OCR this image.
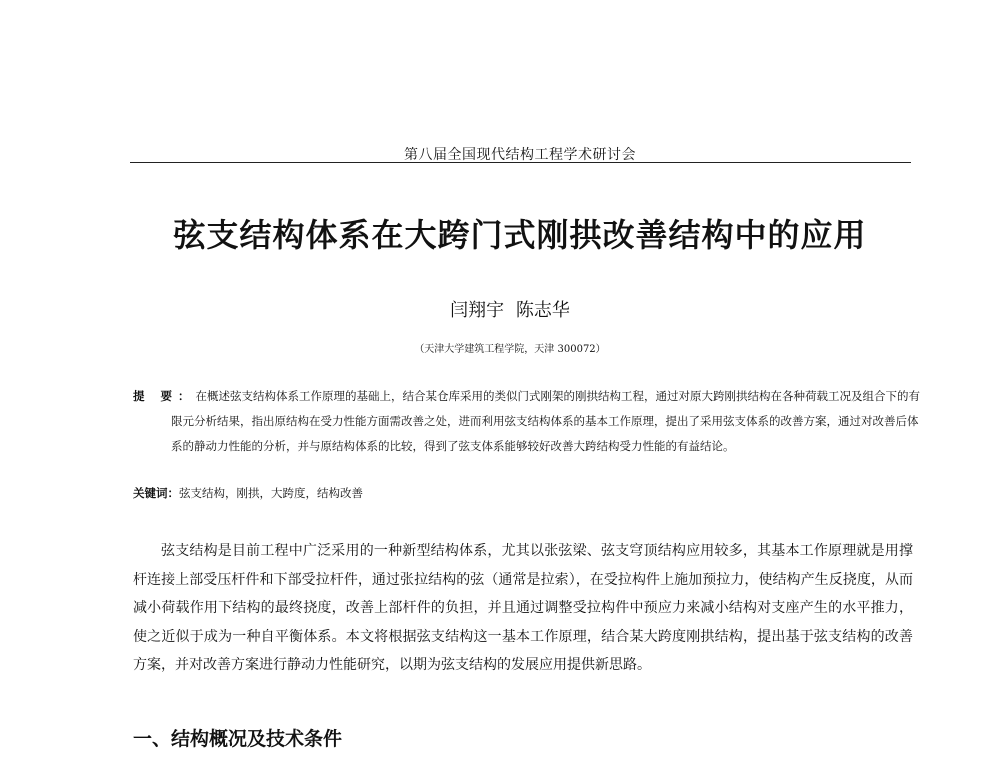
第八届全国现代结构工程学术研讨会
弦支结构体系在大跨门式刚拱改善结构中的应用
闫翔宇 陈志华
（天津大学建筑工程学院，天津 300072）
提 要：在概述弦支结构体系工作原理的基础上，结合某仓库采用的类似门式刚架的刚拱结构工程，通过对原大跨刚拱结构在各种荷载工况及组合下的有限元分析结果，指出原结构在受力性能方面需改善之处，进而利用弦支结构体系的基本工作原理，提出了采用弦支体系的改善方案，通过对改善后体系的静动力性能的分析，并与原结构体系的比较，得到了弦支体系能够较好改善大跨结构受力性能的有益结论。
关键词：弦支结构，刚拱，大跨度，结构改善
弦支结构是目前工程中广泛采用的一种新型结构体系，尤其以张弦梁、弦支穹顶结构应用较多，其基本工作原理就是用撑杆连接上部受压杆件和下部受拉杆件，通过张拉结构的弦（通常是拉索），在受拉构件上施加预拉力，使结构产生反挠度，从而减小荷载作用下结构的最终挠度，改善上部杆件的负担，并且通过调整受拉构件中预应力来减小结构对支座产生的水平推力，使之近似于成为一种自平衡体系。本文将根据弦支结构这一基本工作原理，结合某大跨度刚拱结构，提出基于弦支结构的改善方案，并对改善方案进行静动力性能研究，以期为弦支结构的发展应用提供新思路。
一、结构概况及技术条件
